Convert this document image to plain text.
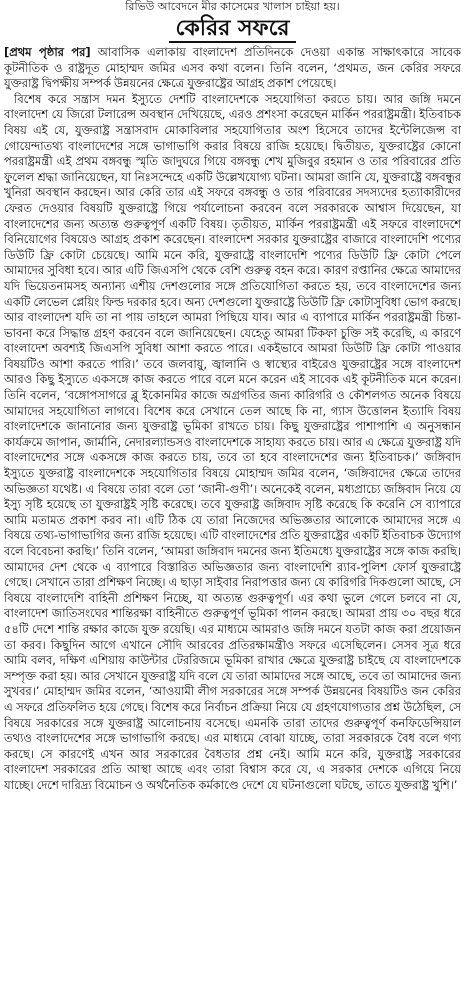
রিভিউ আবেদনে মীর কাসেমের খালাস চাইয়া হয়।
কেরির সফরে

[প্রথম পৃষ্ঠার পর] আবাসিক এলাকায় বাংলাদেশ প্রতিদিনকে দেওয়া একান্ত সাক্ষাৎকারে সাবেক কূটনীতিক ও রাষ্ট্রদূত মোহাম্মদ জমির এসব কথা বলেন। তিনি বলেন, ‘প্রথমত, জন কেরির সফরে যুক্তরাষ্ট্র দ্বিপক্ষীয় সম্পর্ক উন্নয়নের ক্ষেত্রে যুক্তরাষ্ট্রের আগ্রহ প্রকাশ পেয়েছে।

বিশেষ করে সন্ত্রাস দমন ইস্যুতে দেশটি বাংলাদেশকে সহযোগিতা করতে চায়। আর জঙ্গি দমনে বাংলাদেশ যে জিরো টলারেন্স অবস্থান দেখিয়েছে, এরও প্রশংসা করেছেন মার্কিন পররাষ্ট্রমন্ত্রী। ইতিবাচক বিষয় এই যে, যুক্তরাষ্ট্র সন্ত্রাসবাদ মোকাবিলার সহযোগিতার অংশ হিসেবে তাদের ইন্টেলিজেন্স বা গোয়েন্দাতথ্য বাংলাদেশের সঙ্গে ভাগাভাগি করার বিষয়ে রাজি হয়েছে। দ্বিতীয়ত, যুক্তরাষ্ট্রের কোনো পররাষ্ট্রমন্ত্রী এই প্রথম বঙ্গবন্ধু স্মৃতি জাদুঘরে গিয়ে বঙ্গবন্ধু শেখ মুজিবুর রহমান ও তার পরিবারের প্রতি ফুলেল শ্রদ্ধা জানিয়েছেন, যা নিঃসন্দেহে একটি উল্লেখযোগ্য ঘটনা। আমরা জানি যে, যুক্তরাষ্ট্রে বঙ্গবন্ধুর খুনিরা অবস্থান করছেন। আর কেরি তার এই সফরে বঙ্গবন্ধু ও তার পরিবারের সদস্যদের হত্যাকারীদের ফেরত দেওয়ার বিষয়টি যুক্তরাষ্ট্রে গিয়ে পর্যালোচনা করবেন বলে সরকারকে আশ্বাস দিয়েছেন, যা বাংলাদেশের জন্য অত্যন্ত গুরুত্বপূর্ণ একটি বিষয়। তৃতীয়ত, মার্কিন পররাষ্ট্রমন্ত্রী এই সফরে বাংলাদেশে বিনিয়োগের বিষয়েও আগ্রহ প্রকাশ করেছেন। বাংলাদেশ সরকার যুক্তরাষ্ট্রের বাজারে বাংলাদেশি পণ্যের ডিউটি ফ্রি কোটা চেয়েছে। আমি মনে করি, যুক্তরাষ্ট্রে বাংলাদেশি পণ্যের ডিউটি ফ্রি কোটা পেলে আমাদের সুবিধা হবে। আর এটি জিএসপি থেকে বেশি গুরুত্ব বহন করে। কারণ রপ্তানির ক্ষেত্রে আমাদের যদি ভিয়েতনামসহ অন্যান্য এশীয় দেশগুলোর সঙ্গে প্রতিযোগিতা করতে হয়, তবে বাংলাদেশের জন্য একটি লেভেল প্লেয়িং ফিল্ড দরকার হবে। অন্য দেশগুলো যুক্তরাষ্ট্রে ডিউটি ফ্রি কোটাসুবিধা ভোগ করছে। আর বাংলাদেশ যদি তা না পায় তাহলে আমরা পিছিয়ে যাব। আর এ ব্যাপারে মার্কিন পররাষ্ট্রমন্ত্রী চিন্তা-ভাবনা করে সিদ্ধান্ত গ্রহণ করবেন বলে জানিয়েছেন। যেহেতু আমরা টিকফা চুক্তি সই করেছি, এ কারণে বাংলাদেশ অবশ্যই জিএসপি সুবিধা আশা করতে পারে। একইভাবে আমরা ডিউটি ফ্রি কোটা পাওয়ার বিষয়টিও আশা করতে পারি।’ তবে জলবায়ু, জ্বালানি ও স্বাস্থ্যের বাইরেও যুক্তরাষ্ট্রের সঙ্গে বাংলাদেশ আরও কিছু ইস্যুতে একসঙ্গে কাজ করতে পারে বলে মনে করেন এই সাবেক এই কূটনীতিক মনে করেন। তিনি বলেন, ‘বঙ্গোপসাগরে ব্লু ইকোনমির কাজে অগ্রগতির জন্য কারিগরি ও কৌশলগত অনেক বিষয়ে আমাদের সহযোগিতা লাগবে। বিশেষ করে সেখানে তেল আছে কি না, গ্যাস উত্তোলন ইত্যাদি বিষয় বাংলাদেশকে জানানোর জন্য যুক্তরাষ্ট্র ভূমিকা রাখতে চায়। কিছু যুক্তরাষ্ট্রের পাশাপাশি এ অনুসন্ধান কার্যক্রমে জাপান, জার্মানি, নেদারল্যান্ডসও বাংলাদেশকে সাহায্য করতে চায়। আর এ ক্ষেত্রে যুক্তরাষ্ট্র যদি বাংলাদেশের সঙ্গে একসঙ্গে কাজ করতে চায়, তবে তা হবে বাংলাদেশের জন্য ইতিবাচক।’ জঙ্গিবাদ ইস্যুতে যুক্তরাষ্ট্র বাংলাদেশকে সহযোগিতার বিষয়ে মোহাম্মদ জমির বলেন, ‘জঙ্গিবাদের ক্ষেত্রে তাদের অভিজ্ঞতা যথেষ্ট। এ বিষয়ে তারা বলে তো ‘জানী-গুণী’। অনেকেই বলেন, মধ্যপ্রাচ্যে জঙ্গিবাদ নিয়ে যে ইস্যু সৃষ্টি হয়েছে তা যুক্তরাষ্ট্রই সৃষ্টি করেছে। তবে যুক্তরাষ্ট্র জঙ্গিবাদ সৃষ্টি করেছে কি করেনি সে ব্যাপারে আমি মতামত প্রকাশ করব না। এটি ঠিক যে তারা নিজেদের অভিজ্ঞতার আলোকে আমাদের সঙ্গে এ বিষয়ে তথ্য-ভাগাভাগির জন্য রাজি হয়েছে। এটি বাংলাদেশের প্রতি যুক্তরাষ্ট্রের একটি ইতিবাচক উদ্যোগ বলে বিবেচনা করছি।’ তিনি বলেন, ‘আমরা জঙ্গিবাদ দমনের জন্য ইতিমধ্যে যুক্তরাষ্ট্রের সঙ্গে কাজ করছি। আমাদের দেশ থেকে এ ব্যাপারে বিস্তারিত অভিজ্ঞতার জন্য বাংলাদেশি র‌্যাব-পুলিশ ফোর্স যুক্তরাষ্ট্রে গেছে। সেখানে তারা প্রশিক্ষণ নিচ্ছে। এ ছাড়া সাইবার নিরাপত্তার জন্য যে কারিগরি দিকগুলো আছে, সে বিষয়ে বাংলাদেশি বাহিনী প্রশিক্ষণ নিচ্ছে, যা অত্যন্ত গুরুত্বপূর্ণ। এর কথা ভুলে গেলে চলবে না যে, বাংলাদেশ জাতিসংঘের শান্তিরক্ষা বাহিনীতে গুরুত্বপূর্ণ ভূমিকা পালন করছে। আমরা প্রায় ৩০ বছর ধরে ৫৪টি দেশে শান্তি রক্ষার কাজে যুক্ত রয়েছি। এর মাধ্যমে আমরাও জঙ্গি দমনে যতটা কাজ করা প্রয়োজন তা করব। কিছুদিন আগে এখানে সৌদি আরবের প্রতিরক্ষামন্ত্রীও সফরে এসেছিলেন। সেসব সূত্র ধরে আমি বলব, দক্ষিণ এশিয়ায় কাউন্টার টেররিজমে ভূমিকা রাখার ক্ষেত্রে যুক্তরাষ্ট্র চাইছে যে বাংলাদেশকে সম্পৃক্ত করা হয়। আর সেখানে যুক্তরাষ্ট্র যদি বলে যে তারা আমাদের সঙ্গে আছে, তবে তা আমাদের জন্য সুখবর।’ মোহাম্মদ জমির বলেন, ‘আওয়ামী লীগ সরকারের সঙ্গে সম্পর্ক উন্নয়নের বিষয়টিও জন কেরির এ সফরে প্রতিফলিত হয়ে গেছে। বিশেষ করে নির্বাচন প্রক্রিয়া নিয়ে যে গ্রহণযোগ্যতার প্রশ্ন উঠেছিল, সে বিষয়ে সরকারের সঙ্গে যুক্তরাষ্ট্র আলোচনায় বসেছে। এমনকি তারা তাদের গুরুত্বপূর্ণ কনফিডেন্সিয়াল তথ্যও বাংলাদেশের সঙ্গে ভাগাভাগি করছে। এর মাধ্যমে বোঝা যাচ্ছে, তারা সরকারকে বৈধ বলে গণ্য করছে। সে কারণেই এখন আর সরকারের বৈধতার প্রশ্ন নেই। আমি মনে করি, যুক্তরাষ্ট্র সরকারের বাংলাদেশ সরকারের প্রতি আস্থা আছে এবং তারা বিশ্বাস করে যে, এ সরকার দেশকে এগিয়ে নিয়ে যাচ্ছে। দেশে দারিদ্র্য বিমোচন ও অর্থনৈতিক কর্মকাণ্ডে দেশে যে ঘটনাগুলো ঘটছে, তাতে যুক্তরাষ্ট্র খুশি।’
